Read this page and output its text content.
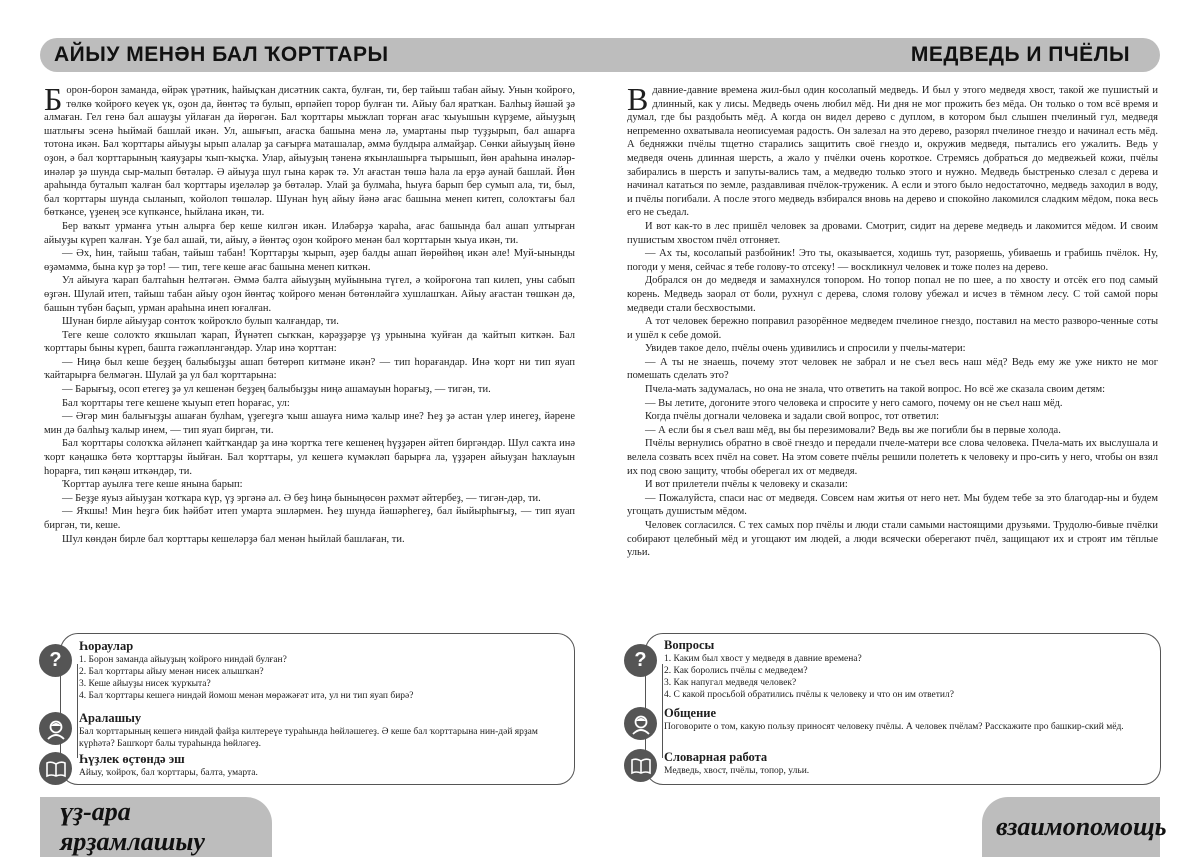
АЙЫУ МЕНӘН БАЛ ҠОРТТАРЫ	МЕДВЕДЬ И ПЧЁЛЫ

Борон-борон заманда, өйрәк үрәтник, һайыҫҡан дисәтник сакта, булған, ти, бер тайыш табан айыу. Унын ҡойроғо, төлкө ҡойроғо кеүек үк, оҙон да, йөнтәҫ тә булып, өрпәйеп торор булған ти. Айыу бал яратҡан. Балһыҙ йәшәй ҙә алмаған. Гел генә бал ашауҙы уйлаған да йөрөгән. Бал ҡорттары мыжлап торған ағас ҡыуышын күрҙеме, айыуҙың шатлығы эсенә һыймай башлай икән. Ул, ашығып, ағасҡа башына менә лә, умартаны пыр туҙҙырып, бал ашарға тотона икән. Бал ҡорттары айыуҙы ырып алалар ҙа сағырға маташалар, әммә булдыра алмайҙар. Сөнки айыуҙың йөнө оҙон, ә бал ҡорттарының ҡаяуҙары ҡып-ҡыҫҡа. Улар, айыуҙың тәненә яҡынлашырға тырышып, йөн араһына инәләр-инәләр ҙә шунда сыр-малып бөтәләр. Ә айыуҙа шул гына кәрәк тә. Ул ағастан төшә һала ла ерҙә аунай башлай. Йөн араһында буталып ҡалған бал ҡорттары иҙеләләр ҙә бөтәләр. Улай ҙа булмаһа, һыуға барып бер сумып ала, ти, был, бал ҡорттары шунда сыланып, ҡойолоп төшәләр. Шунан һуң айыу йәнә ағас башына менеп китеп, солоҡтағы бал бөткәнсе, үҙенең эсе күпкәнсе, һыйлана икән, ти.

Бер ваҡыт урманға утын алырға бер кеше килгән икән. Иләбәрҙә ҡараһа, ағас башында бал ашап ултырған айыуҙы күреп ҡалған. Үҙе бал ашай, ти, айыу, ә йөнтәҫ оҙон ҡойроғо менән бал ҡорттарын ҡыуа икән, ти.

— Әх, һин, тайыш табан, тайыш табан! Ҡорттарҙы ҡырып, әҙер балды ашап йөрөйһөң икән әле! Муй-ынынды өҙәмәммә, бына күр ҙә тор! — тип, теге кеше ағас башына менеп киткән.

Ул айыуға ҡарап балтаһын һелтәгән. Әммә балта айыуҙың муйынына түгел, ә ҡойроғона тап килеп, уны сабып өҙгән. Шулай итеп, тайыш табан айыу оҙон йөнтәҫ ҡойроғо менән бөтөнләйгә хушлашҡан. Айыу ағастан төшкән дә, башын түбән баҫып, урман араһына инеп юғалған.

Шунан бирле айыуҙар сонтоҡ ҡойроҡло булып ҡалғандар, ти.

Теге кеше солоҡто яҡшылап ҡарап, Йүнәтеп сыҡҡан, кәрәҙҙәрҙе үҙ урынына ҡуйған да ҡайтып киткән. Бал ҡорттары быны күреп, баштa гәжәпләнгәндәр. Улар инә ҡорттан:

— Ниңә был кеше беҙҙең балыбыҙҙы ашап бөтөрөп китмәне икән? — тип һорағандар. Инә ҡорт ни тип яуап ҡайтарырға белмәгән. Шулай ҙа ул бал ҡорттарына:

— Барығыҙ, осоп етегеҙ ҙә ул кешенән беҙҙең балыбыҙҙы ниңә ашамауын һорағыҙ, — тигән, ти.

Бал ҡорттары теге кешене ҡыуып етеп һорағас, ул:

— Әгәр мин балығыҙҙы ашаған булһам, үҙегеҙгә ҡыш ашауға нимә ҡалыр ине? Һеҙ ҙә астан үлер инегеҙ, йәрене мин дә балһыҙ ҡалыр инем, — тип яуап биргән, ти.

Бал ҡорттары солоҡҡа әйләнеп ҡайтҡандар ҙа инә ҡортҡа теге кешенең һүҙҙәрен әйтеп биргәндәр. Шул саҡта инә ҡорт кәңәшкә бөтә ҡорттарҙы йыйған. Бал ҡорттары, ул кешегә күмәкләп барырға ла, үҙҙәрен айыуҙан һаҡлауын һорарға, тип кәңәш иткәндәр, ти.

Ҡорттар ауылға теге кеше янына барып:

— Беҙҙе яуыз айыуҙан ҡотҡара күр, үҙ эргәнә ал. Ә беҙ һиңә быныңөсөн рәхмәт әйтербеҙ, — тигән-дәр, ти.

— Яҡшы! Мин һеҙгә бик һәйбәт итеп умарта эшләрмен. Һеҙ шунда йәшәрһегеҙ, бал йыйырһығыҙ, — тип яуап биргән, ти, кеше.

Шул көндән бирле бал ҡорттары кешеләрҙә бал менән һыйлай башлаған, ти.

В давние-давние времена жил-был один косолапый медведь. И был у этого медведя хвост, такой же пушистый и длинный, как у лисы. Медведь очень любил мёд. Ни дня не мог прожить без мёда. Он только о том всё время и думал, где бы раздобыть мёд. А когда он видел дерево с дуплом, в котором был слышен пчелиный гул, медведя непременно охватывала неописуемая радость. Он залезал на это дерево, разорял пчелиное гнездо и начинал есть мёд. А бедняжки пчёлы тщетно старались защитить своё гнездо и, окружив медведя, пытались его ужалить. Ведь у медведя очень длинная шерсть, а жало у пчёлки очень короткое. Стремясь добраться до медвежьей кожи, пчёлы забирались в шерсть и запуты-вались там, а медведю только этого и нужно. Медведь быстренько слезал с дерева и начинал кататься по земле, раздавливая пчёлок-труженик. А если и этого было недостаточно, медведь заходил в воду, и пчёлы погибали. А после этого медведь взбирался вновь на дерево и спокойно лакомился сладким мёдом, пока весь его не съедал.

И вот как-то в лес пришёл человек за дровами. Смотрит, сидит на дереве медведь и лакомится мёдом. И своим пушистым хвостом пчёл отгоняет.

— Ах ты, косолапый разбойник! Это ты, оказывается, ходишь тут, разоряешь, убиваешь и грабишь пчёлок. Ну, погоди у меня, сейчас я тебе голову-то отсеку! — воскликнул человек и тоже полез на дерево.

Добрался он до медведя и замахнулся топором. Но топор попал не по шее, а по хвосту и отсёк его под самый корень. Медведь заорал от боли, рухнул с дерева, сломя голову убежал и исчез в тёмном лесу. С той самой поры медведи стали бесхвостыми.

А тот человек бережно поправил разорённое медведем пчелиное гнездо, поставил на место разворо-ченные соты и ушёл к себе домой.

Увидев такое дело, пчёлы очень удивились и спросили у пчелы-матери:

— А ты не знаешь, почему этот человек не забрал и не съел весь наш мёд? Ведь ему же уже никто не мог помешать сделать это?

Пчела-мать задумалась, но она не знала, что ответить на такой вопрос. Но всё же сказала своим детям:

— Вы летите, догоните этого человека и спросите у него самого, почему он не съел наш мёд.

Когда пчёлы догнали человека и задали свой вопрос, тот ответил:

— А если бы я съел ваш мёд, вы бы перезимовали? Ведь вы же погибли бы в первые холода.

Пчёлы вернулись обратно в своё гнездо и передали пчеле-матери все слова человека. Пчела-мать их выслушала и велела созвать всех пчёл на совет. На этом совете пчёлы решили полететь к человеку и про-сить у него, чтобы он взял их под свою защиту, чтобы оберегал их от медведя.

И вот прилетели пчёлы к человеку и сказали:

— Пожалуйста, спаси нас от медведя. Совсем нам житья от него нет. Мы будем тебе за это благодар-ны и будем угощать душистым мёдом.

Человек согласился. С тех самых пор пчёлы и люди стали самыми настоящими друзьями. Трудолю-бивые пчёлки собирают целебный мёд и угощают им людей, а люди всячески оберегают пчёл, защищают их и строят им тёплые ульи.

?
Һораулар
1. Борон заманда айыуҙың ҡойроғо ниндәй булған?
2. Бал ҡорттары айыу менән нисек алышҡан?
3. Кеше айыуҙы нисек ҡурҡыта?
4. Бал ҡорттары кешегә ниндәй йомош менән мөрәжәғәт итә, ул ни тип яуап бирә?
Аралашыу

Бал ҡорттарының кешегә ниндәй файҙа килтереүе тураһында һөйләшегеҙ. Ә кеше бал ҡорттарына нин-дәй ярҙам күрһәтә? Башҡорт балы тураһында һөйләгеҙ.

Һүҙлек өҫтөндә эш

Айыу, ҡойроҡ, бал ҡорттары, балта, умарта.

?
Вопросы
1. Каким был хвост у медведя в давние времена?
2. Как боролись пчёлы с медведем?
3. Как напугал медведя человек?
4. С какой просьбой обратились пчёлы к человеку и что он им ответил?
Общение

Поговорите о том, какую пользу приносят человеку пчёлы. А человек пчёлам? Расскажите про башкир-ский мёд.

Словарная работа

Медведь, хвост, пчёлы, топор, ульи.

үҙ-ара ярҙамлашыу
взаимопомощь
